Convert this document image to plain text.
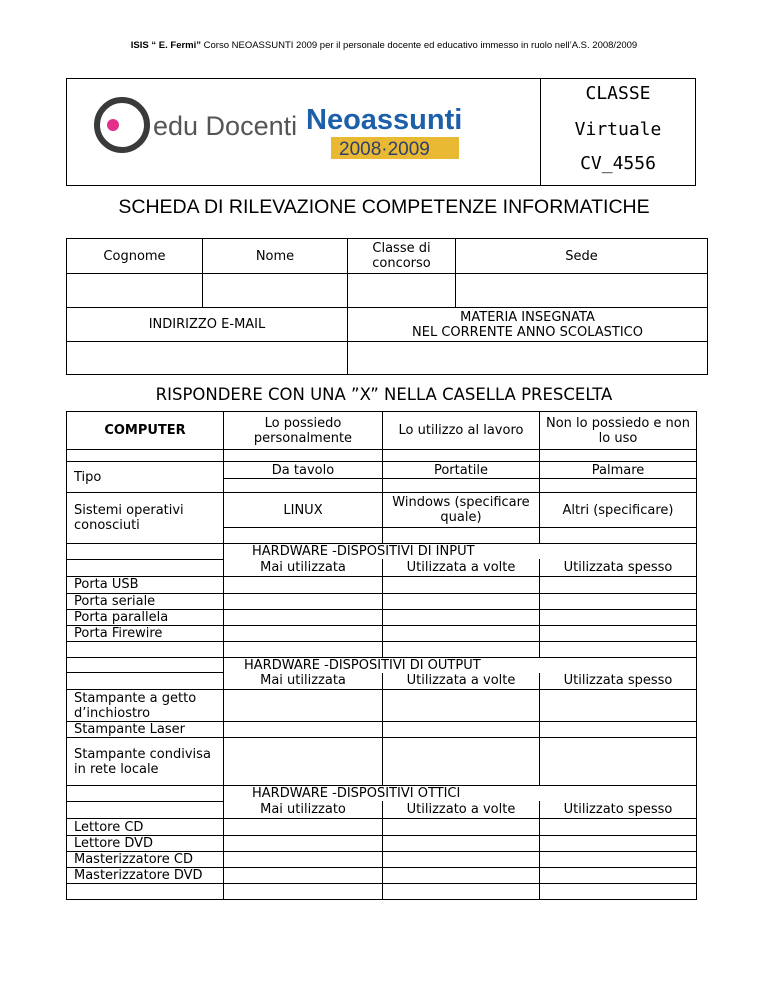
ISIS “ E. Fermi” Corso NEOASSUNTI 2009 per il personale docente ed educativo immesso in ruolo nell’A.S. 2008/2009
edu Docenti Neoassunti
2008·2009
CLASSE
Virtuale
CV_4556
SCHEDA DI RILEVAZIONE COMPETENZE INFORMATICHE
Cognome	Nome	Classe di concorso	Sede

INDIRIZZO E-MAIL		MATERIA INSEGNATA
NEL CORRENTE ANNO SCOLASTICO	

RISPONDERE CON UNA ”X” NELLA CASELLA PRESCELTA
COMPUTER	Lo possiedo personalmente	Lo utilizzo al lavoro	Non lo possiedo e non lo uso

Tipo	Da tavolo	Portatile	Palmare

Sistemi operativi conosciuti	LINUX	Windows (specificare quale)	Altri (specificare)

	HARDWARE -DISPOSITIVI DI INPUT		
	Mai utilizzata	Utilizzata a volte	Utilizzata spesso
Porta USB			
Porta seriale			
Porta parallela			
Porta Firewire			

	HARDWARE -DISPOSITIVI DI OUTPUT		
	Mai utilizzata	Utilizzata a volte	Utilizzata spesso
Stampante a getto d’inchiostro			
Stampante Laser			
Stampante condivisa in rete locale			
	HARDWARE -DISPOSITIVI OTTICI		
	Mai utilizzato	Utilizzato a volte	Utilizzato spesso
Lettore CD			
Lettore DVD			
Masterizzatore CD			
Masterizzatore DVD			
